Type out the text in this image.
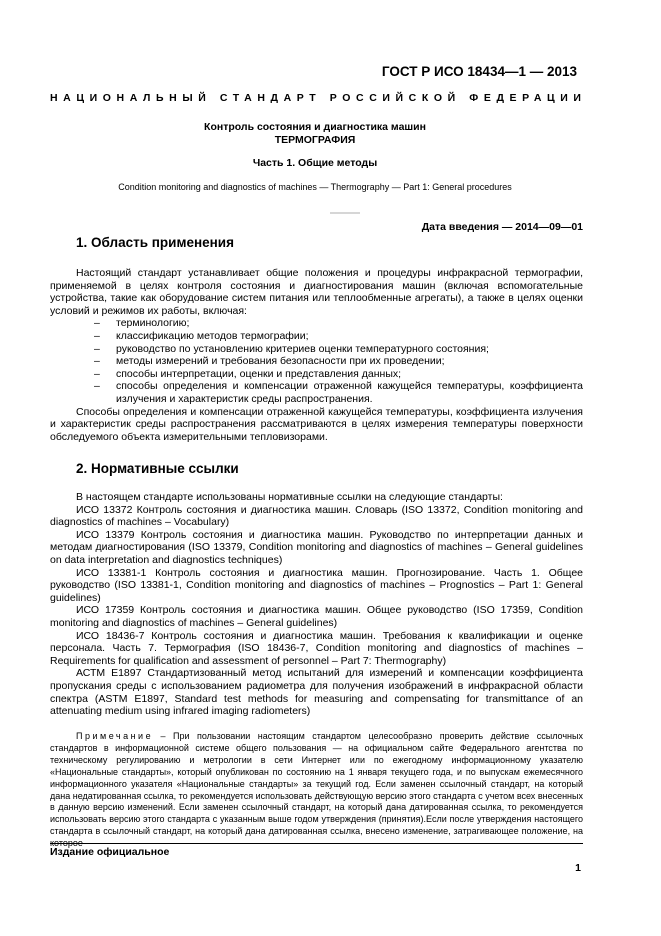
ГОСТ Р ИСО 18434—1 — 2013
НАЦИОНАЛЬНЫЙ СТАНДАРТ РОССИЙСКОЙ ФЕДЕРАЦИИ
Контроль состояния и диагностика машин
ТЕРМОГРАФИЯ
Часть 1. Общие методы
Condition monitoring and diagnostics of machines — Thermography — Part 1: General procedures
Дата введения — 2014—09—01
1. Область применения

Настоящий стандарт устанавливает общие положения и процедуры инфракрасной термографии, применяемой в целях контроля состояния и диагностирования машин (включая вспомогательные устройства, такие как оборудование систем питания или теплообменные агрегаты), а также в целях оценки условий и режимов их работы, включая:

– терминологию;
– классификацию методов термографии;
– руководство по установлению критериев оценки температурного состояния;
– методы измерений и требования безопасности при их проведении;
– способы интерпретации, оценки и представления данных;
– способы определения и компенсации отраженной кажущейся температуры, коэффициента излучения и характеристик среды распространения.

Способы определения и компенсации отраженной кажущейся температуры, коэффициента излучения и характеристик среды распространения рассматриваются в целях измерения температуры поверхности обследуемого объекта измерительными тепловизорами.

2. Нормативные ссылки

В настоящем стандарте использованы нормативные ссылки на следующие стандарты:

ИСО 13372 Контроль состояния и диагностика машин. Словарь (ISO 13372, Condition monitoring and diagnostics of machines – Vocabulary)

ИСО 13379 Контроль состояния и диагностика машин. Руководство по интерпретации данных и методам диагностирования (ISO 13379, Condition monitoring and diagnostics of machines – General guidelines on data interpretation and diagnostics techniques)

ИСО 13381-1 Контроль состояния и диагностика машин. Прогнозирование. Часть 1. Общее руководство (ISO 13381-1, Condition monitoring and diagnostics of machines – Prognostics – Part 1: General guidelines)

ИСО 17359 Контроль состояния и диагностика машин. Общее руководство (ISO 17359, Condition monitoring and diagnostics of machines – General guidelines)

ИСО 18436-7 Контроль состояния и диагностика машин. Требования к квалификации и оценке персонала. Часть 7. Термография (ISO 18436-7, Condition monitoring and diagnostics of machines – Requirements for qualification and assessment of personnel – Part 7: Thermography)

АСТМ Е1897 Стандартизованный метод испытаний для измерений и компенсации коэффициента пропускания среды с использованием радиометра для получения изображений в инфракрасной области спектра (ASTM E1897, Standard test methods for measuring and compensating for transmittance of an attenuating medium using infrared imaging radiometers)

Примечание – При пользовании настоящим стандартом целесообразно проверить действие ссылочных стандартов в информационной системе общего пользования — на официальном сайте Федерального агентства по техническому регулированию и метрологии в сети Интернет или по ежегодному информационному указателю «Национальные стандарты», который опубликован по состоянию на 1 января текущего года, и по выпускам ежемесячного информационного указателя «Национальные стандарты» за текущий год. Если заменен ссылочный стандарт, на который дана недатированная ссылка, то рекомендуется использовать действующую версию этого стандарта с учетом всех внесенных в данную версию изменений. Если заменен ссылочный стандарт, на который дана датированная ссылка, то рекомендуется использовать версию этого стандарта с указанным выше годом утверждения (принятия).Если после утверждения настоящего стандарта в ссылочный стандарт, на который дана датированная ссылка, внесено изменение, затрагивающее положение, на которое

Издание официальное
1
